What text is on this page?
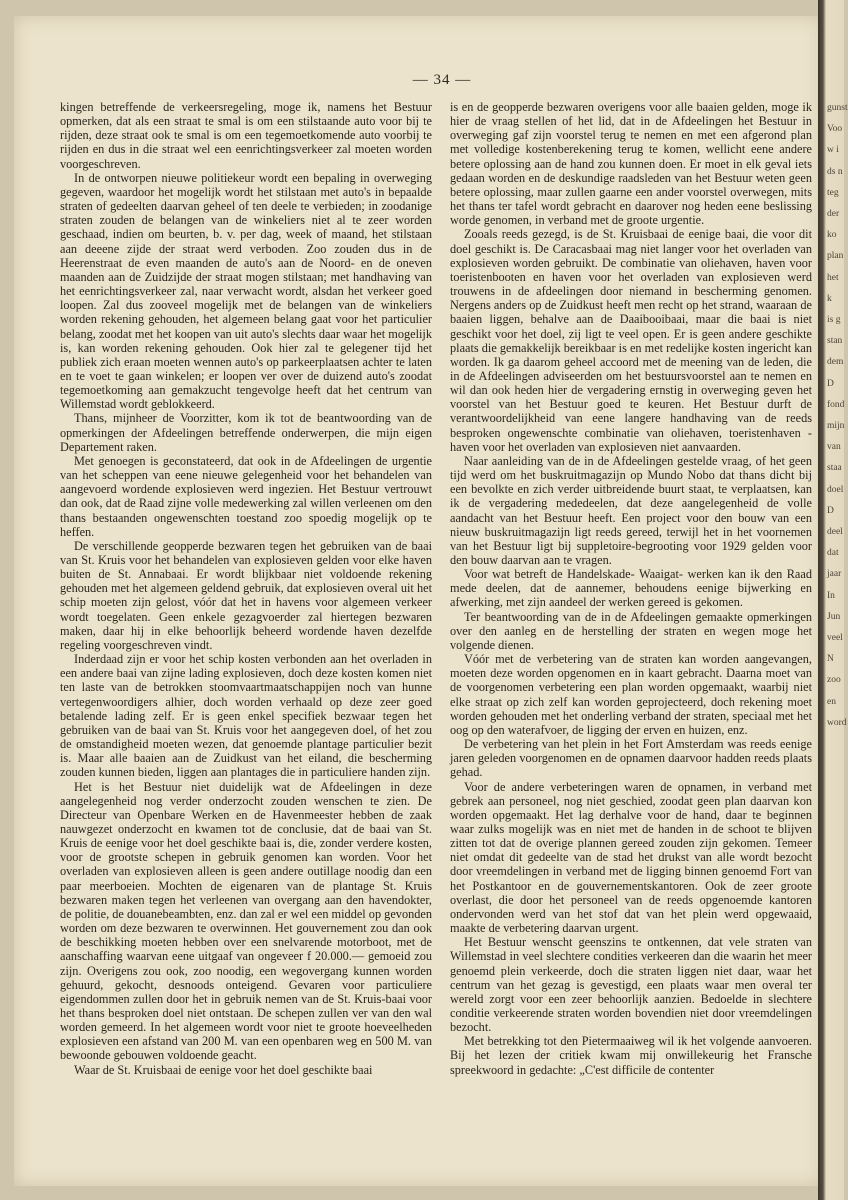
gunst
Voo
w i
ds n
teg
der
ko
plan
het
k
is g
stan
dem
D
fond
mijn
van
staa
doel
D
deel
dat
jaar
In
Jun
veel
N
zoo
en
word
— 34 —

kingen betreffende de verkeersregeling, moge ik, namens het Bestuur opmerken, dat als een straat te smal is om een stilstaande auto voor bij te rijden, deze straat ook te smal is om een tegemoetkomende auto voorbij te rijden en dus in die straat wel een eenrichtingsverkeer zal moeten worden voorgeschreven.

In de ontworpen nieuwe politiekeur wordt een bepaling in overweging gegeven, waardoor het mogelijk wordt het stilstaan met auto's in bepaalde straten of gedeelten daarvan geheel of ten deele te verbieden; in zoodanige straten zouden de belangen van de winkeliers niet al te zeer worden geschaad, indien om beurten, b. v. per dag, week of maand, het stilstaan aan deeene zijde der straat werd verboden. Zoo zouden dus in de Heerenstraat de even maanden de auto's aan de Noord- en de oneven maanden aan de Zuidzijde der straat mogen stilstaan; met handhaving van het eenrichtingsverkeer zal, naar verwacht wordt, alsdan het verkeer goed loopen. Zal dus zooveel mogelijk met de belangen van de winkeliers worden rekening gehouden, het algemeen belang gaat voor het particulier belang, zoodat met het koopen van uit auto's slechts daar waar het mogelijk is, kan worden rekening gehouden. Ook hier zal te gelegener tijd het publiek zich eraan moeten wennen auto's op parkeerplaatsen achter te laten en te voet te gaan winkelen; er loopen ver over de duizend auto's zoodat tegemoetkoming aan gemakzucht tengevolge heeft dat het centrum van Willemstad wordt geblokkeerd.

Thans, mijnheer de Voorzitter, kom ik tot de beantwoording van de opmerkingen der Afdeelingen betreffende onderwerpen, die mijn eigen Departement raken.

Met genoegen is geconstateerd, dat ook in de Afdeelingen de urgentie van het scheppen van eene nieuwe gelegenheid voor het behandelen van aangevoerd wordende explosieven werd ingezien. Het Bestuur vertrouwt dan ook, dat de Raad zijne volle medewerking zal willen verleenen om den thans bestaanden ongewenschten toestand zoo spoedig mogelijk op te heffen.

De verschillende geopperde bezwaren tegen het gebruiken van de baai van St. Kruis voor het behandelen van explosieven gelden voor elke haven buiten de St. Annabaai. Er wordt blijkbaar niet voldoende rekening gehouden met het algemeen geldend gebruik, dat explosieven overal uit het schip moeten zijn gelost, vóór dat het in havens voor algemeen verkeer wordt toegelaten. Geen enkele gezagvoerder zal hiertegen bezwaren maken, daar hij in elke behoorlijk beheerd wordende haven dezelfde regeling voorgeschreven vindt.

Inderdaad zijn er voor het schip kosten verbonden aan het overladen in een andere baai van zijne lading explosieven, doch deze kosten komen niet ten laste van de betrokken stoomvaartmaatschappijen noch van hunne vertegenwoordigers alhier, doch worden verhaald op deze zeer goed betalende lading zelf. Er is geen enkel specifiek bezwaar tegen het gebruiken van de baai van St. Kruis voor het aangegeven doel, of het zou de omstandigheid moeten wezen, dat genoemde plantage particulier bezit is. Maar alle baaien aan de Zuidkust van het eiland, die bescherming zouden kunnen bieden, liggen aan plantages die in particuliere handen zijn.

Het is het Bestuur niet duidelijk wat de Afdeelingen in deze aangelegenheid nog verder onderzocht zouden wenschen te zien. De Directeur van Openbare Werken en de Havenmeester hebben de zaak nauwgezet onderzocht en kwamen tot de conclusie, dat de baai van St. Kruis de eenige voor het doel geschikte baai is, die, zonder verdere kosten, voor de grootste schepen in gebruik genomen kan worden. Voor het overladen van explosieven alleen is geen andere outillage noodig dan een paar meerboeien. Mochten de eigenaren van de plantage St. Kruis bezwaren maken tegen het verleenen van overgang aan den havendokter, de politie, de douanebeambten, enz. dan zal er wel een middel op gevonden worden om deze bezwaren te overwinnen. Het gouvernement zou dan ook de beschikking moeten hebben over een snelvarende motorboot, met de aanschaffing waarvan eene uitgaaf van ongeveer f 20.000.— gemoeid zou zijn. Overigens zou ook, zoo noodig, een wegovergang kunnen worden gehuurd, gekocht, desnoods onteigend. Gevaren voor particuliere eigendommen zullen door het in gebruik nemen van de St. Kruis-baai voor het thans besproken doel niet ontstaan. De schepen zullen ver van den wal worden gemeerd. In het algemeen wordt voor niet te groote hoeveelheden explosieven een afstand van 200 M. van een openbaren weg en 500 M. van bewoonde gebouwen voldoende geacht.

Waar de St. Kruisbaai de eenige voor het doel geschikte baai

is en de geopperde bezwaren overigens voor alle baaien gelden, moge ik hier de vraag stellen of het lid, dat in de Afdeelingen het Bestuur in overweging gaf zijn voorstel terug te nemen en met een afgerond plan met volledige kostenberekening terug te komen, wellicht eene andere betere oplossing aan de hand zou kunnen doen. Er moet in elk geval iets gedaan worden en de deskundige raadsleden van het Bestuur weten geen betere oplossing, maar zullen gaarne een ander voorstel overwegen, mits het thans ter tafel wordt gebracht en daarover nog heden eene beslissing worde genomen, in verband met de groote urgentie.

Zooals reeds gezegd, is de St. Kruisbaai de eenige baai, die voor dit doel geschikt is. De Caracasbaai mag niet langer voor het overladen van explosieven worden gebruikt. De combinatie van oliehaven, haven voor toeristenbooten en haven voor het overladen van explosieven werd trouwens in de afdeelingen door niemand in bescherming genomen. Nergens anders op de Zuidkust heeft men recht op het strand, waaraan de baaien liggen, behalve aan de Daaibooibaai, maar die baai is niet geschikt voor het doel, zij ligt te veel open. Er is geen andere geschikte plaats die gemakkelijk bereikbaar is en met redelijke kosten ingericht kan worden. Ik ga daarom geheel accoord met de meening van de leden, die in de Afdeelingen adviseerden om het bestuursvoorstel aan te nemen en wil dan ook heden hier de vergadering ernstig in overweging geven het voorstel van het Bestuur goed te keuren. Het Bestuur durft de verantwoordelijkheid van eene langere handhaving van de reeds besproken ongewenschte combinatie van oliehaven, toeristenhaven - haven voor het overladen van explosieven niet aanvaarden.

Naar aanleiding van de in de Afdeelingen gestelde vraag, of het geen tijd werd om het buskruitmagazijn op Mundo Nobo dat thans dicht bij een bevolkte en zich verder uitbreidende buurt staat, te verplaatsen, kan ik de vergadering mededeelen, dat deze aangelegenheid de volle aandacht van het Bestuur heeft. Een project voor den bouw van een nieuw buskruitmagazijn ligt reeds gereed, terwijl het in het voornemen van het Bestuur ligt bij suppletoire-begrooting voor 1929 gelden voor den bouw daarvan aan te vragen.

Voor wat betreft de Handelskade- Waaigat- werken kan ik den Raad mede deelen, dat de aannemer, behoudens eenige bijwerking en afwerking, met zijn aandeel der werken gereed is gekomen.

Ter beantwoording van de in de Afdeelingen gemaakte opmerkingen over den aanleg en de herstelling der straten en wegen moge het volgende dienen.

Vóór met de verbetering van de straten kan worden aangevangen, moeten deze worden opgenomen en in kaart gebracht. Daarna moet van de voorgenomen verbetering een plan worden opgemaakt, waarbij niet elke straat op zich zelf kan worden geprojecteerd, doch rekening moet worden gehouden met het onderling verband der straten, speciaal met het oog op den waterafvoer, de ligging der erven en huizen, enz.

De verbetering van het plein in het Fort Amsterdam was reeds eenige jaren geleden voorgenomen en de opnamen daarvoor hadden reeds plaats gehad.

Voor de andere verbeteringen waren de opnamen, in verband met gebrek aan personeel, nog niet geschied, zoodat geen plan daarvan kon worden opgemaakt. Het lag derhalve voor de hand, daar te beginnen waar zulks mogelijk was en niet met de handen in de schoot te blijven zitten tot dat de overige plannen gereed zouden zijn gekomen. Temeer niet omdat dit gedeelte van de stad het drukst van alle wordt bezocht door vreemdelingen in verband met de ligging binnen genoemd Fort van het Postkantoor en de gouvernementskantoren. Ook de zeer groote overlast, die door het personeel van de reeds opgenoemde kantoren ondervonden werd van het stof dat van het plein werd opgewaaid, maakte de verbetering daarvan urgent.

Het Bestuur wenscht geenszins te ontkennen, dat vele straten van Willemstad in veel slechtere condities verkeeren dan die waarin het meer genoemd plein verkeerde, doch die straten liggen niet daar, waar het centrum van het gezag is gevestigd, een plaats waar men overal ter wereld zorgt voor een zeer behoorlijk aanzien. Bedoelde in slechtere conditie verkeerende straten worden bovendien niet door vreemdelingen bezocht.

Met betrekking tot den Pietermaaiweg wil ik het volgende aanvoeren. Bij het lezen der critiek kwam mij onwillekeurig het Fransche spreekwoord in gedachte: „C'est difficile de contenter
